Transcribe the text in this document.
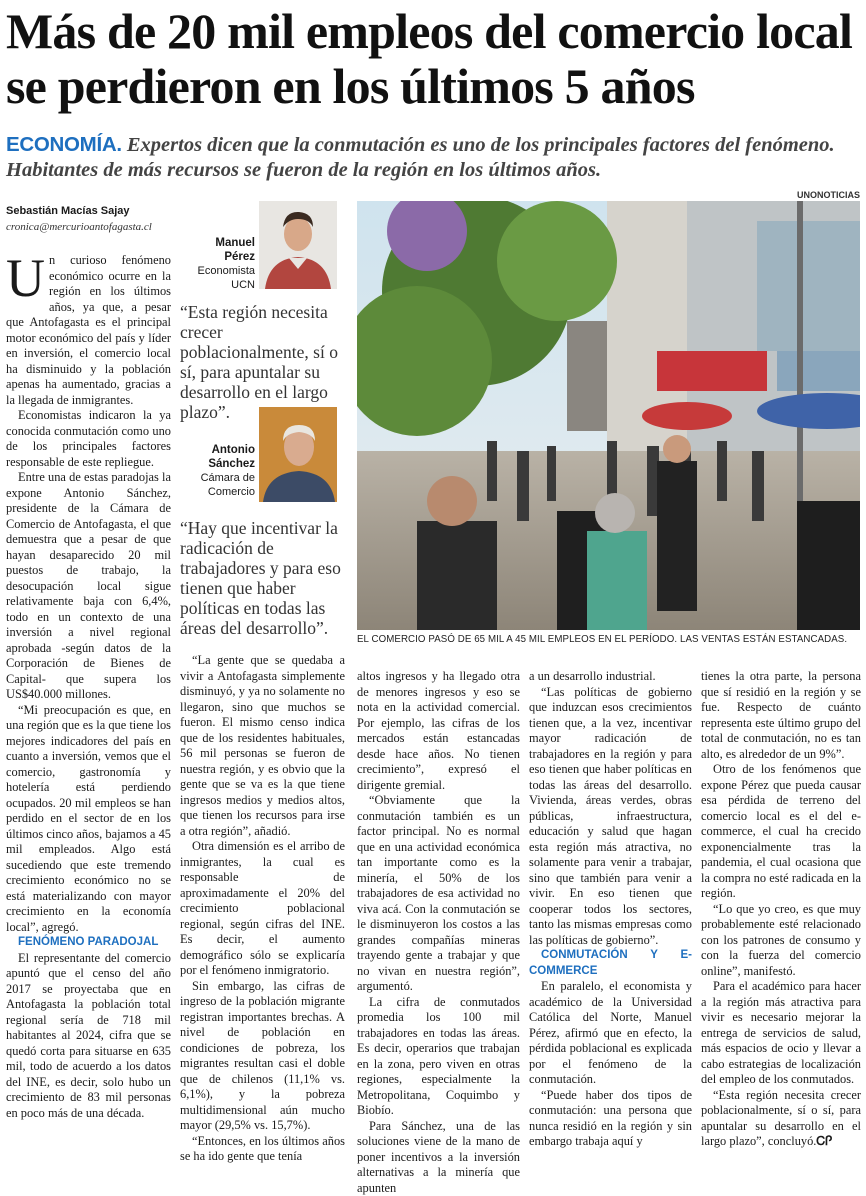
Más de 20 mil empleos del comercio local se perdieron en los últimos 5 años
ECONOMÍA. Expertos dicen que la conmutación es uno de los principales factores del fenómeno. Habitantes de más recursos se fueron de la región en los últimos años.
UNONOTICIAS
Sebastián Macías Sajay
cronica@mercurioantofagasta.cl

Un curioso fenómeno económico ocurre en la región en los últimos años, ya que, a pesar que Antofagasta es el principal motor económico del país y líder en inversión, el comercio local ha disminuido y la población apenas ha aumentado, gracias a la llegada de inmigrantes.

Economistas indicaron la ya conocida conmutación como uno de los principales factores responsable de este repliegue.

Entre una de estas paradojas la expone Antonio Sánchez, presidente de la Cámara de Comercio de Antofagasta, el que demuestra que a pesar de que hayan desaparecido 20 mil puestos de trabajo, la desocupación local sigue relativamente baja con 6,4%, todo en un contexto de una inversión a nivel regional aprobada -según datos de la Corporación de Bienes de Capital- que supera los US$40.000 millones.

“Mi preocupación es que, en una región que es la que tiene los mejores indicadores del país en cuanto a inversión, vemos que el comercio, gastronomía y hotelería está perdiendo ocupados. 20 mil empleos se han perdido en el sector de en los últimos cinco años, bajamos a 45 mil empleados. Algo está sucediendo que este tremendo crecimiento económico no se está materializando con mayor crecimiento en la economía local”, agregó.

FENÓMENO PARADOJAL

El representante del comercio apuntó que el censo del año 2017 se proyectaba que en Antofagasta la población total regional sería de 718 mil habitantes al 2024, cifra que se quedó corta para situarse en 635 mil, todo de acuerdo a los datos del INE, es decir, solo hubo un crecimiento de 83 mil personas en poco más de una década.

Manuel
Pérez
Economista
UCN
“Esta región necesita crecer poblacionalmente, sí o sí, para apuntalar su desarrollo en el largo plazo”.
Antonio
Sánchez
Cámara de
Comercio
“Hay que incentivar la radicación de trabajadores y para eso tienen que haber políticas en todas las áreas del desarrollo”.
EL COMERCIO PASÓ DE 65 MIL A 45 MIL EMPLEOS EN EL PERÍODO. LAS VENTAS ESTÁN ESTANCADAS.

“La gente que se quedaba a vivir a Antofagasta simplemente disminuyó, y ya no solamente no llegaron, sino que muchos se fueron. El mismo censo indica que de los residentes habituales, 56 mil personas se fueron de nuestra región, y es obvio que la gente que se va es la que tiene ingresos medios y medios altos, que tienen los recursos para irse a otra región”, añadió.

Otra dimensión es el arribo de inmigrantes, la cual es responsable de aproximadamente el 20% del crecimiento poblacional regional, según cifras del INE. Es decir, el aumento demográfico sólo se explicaría por el fenómeno inmigratorio.

Sin embargo, las cifras de ingreso de la población migrante registran importantes brechas. A nivel de población en condiciones de pobreza, los migrantes resultan casi el doble que de chilenos (11,1% vs. 6,1%), y la pobreza multidimensional aún mucho mayor (29,5% vs. 15,7%).

“Entonces, en los últimos años se ha ido gente que tenía

altos ingresos y ha llegado otra de menores ingresos y eso se nota en la actividad comercial. Por ejemplo, las cifras de los mercados están estancadas desde hace años. No tienen crecimiento”, expresó el dirigente gremial.

“Obviamente que la conmutación también es un factor principal. No es normal que en una actividad económica tan importante como es la minería, el 50% de los trabajadores de esa actividad no viva acá. Con la conmutación se le disminuyeron los costos a las grandes compañías mineras trayendo gente a trabajar y que no vivan en nuestra región”, argumentó.

La cifra de conmutados promedia los 100 mil trabajadores en todas las áreas. Es decir, operarios que trabajan en la zona, pero viven en otras regiones, especialmente la Metropolitana, Coquimbo y Biobío.

Para Sánchez, una de las soluciones viene de la mano de poner incentivos a la inversión alternativas a la minería que apunten

a un desarrollo industrial.

“Las políticas de gobierno que induzcan esos crecimientos tienen que, a la vez, incentivar mayor radicación de trabajadores en la región y para eso tienen que haber políticas en todas las áreas del desarrollo. Vivienda, áreas verdes, obras públicas, infraestructura, educación y salud que hagan esta región más atractiva, no solamente para venir a trabajar, sino que también para venir a vivir. En eso tienen que cooperar todos los sectores, tanto las mismas empresas como las políticas de gobierno”.

CONMUTACIÓN Y E-COMMERCE

En paralelo, el economista y académico de la Universidad Católica del Norte, Manuel Pérez, afirmó que en efecto, la pérdida poblacional es explicada por el fenómeno de la conmutación.

“Puede haber dos tipos de conmutación: una persona que nunca residió en la región y sin embargo trabaja aquí y

tienes la otra parte, la persona que sí residió en la región y se fue. Respecto de cuánto representa este último grupo del total de conmutación, no es tan alto, es alrededor de un 9%”.

Otro de los fenómenos que expone Pérez que pueda causar esa pérdida de terreno del comercio local es el del e-commerce, el cual ha crecido exponencialmente tras la pandemia, el cual ocasiona que la compra no esté radicada en la región.

“Lo que yo creo, es que muy probablemente esté relacionado con los patrones de consumo y con la fuerza del comercio online”, manifestó.

Para el académico para hacer a la región más atractiva para vivir es necesario mejorar la entrega de servicios de salud, más espacios de ocio y llevar a cabo estrategias de localización del empleo de los conmutados.

“Esta región necesita crecer poblacionalmente, sí o sí, para apuntalar su desarrollo en el largo plazo”, concluyó.ᏟᎵ
